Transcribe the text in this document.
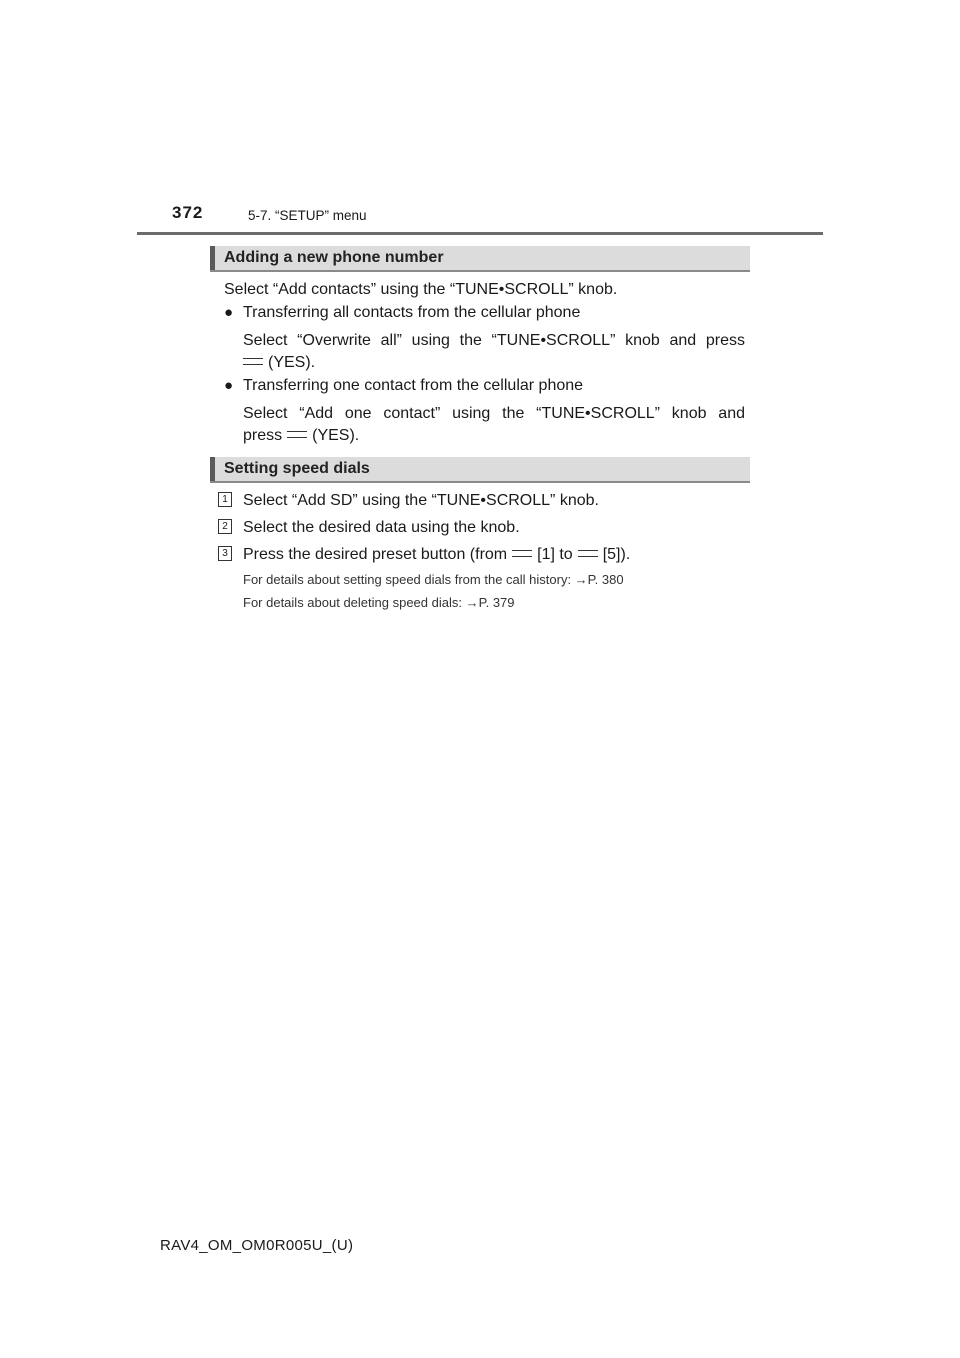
372	5-7. “SETUP” menu
Adding a new phone number
Select “Add contacts” using the “TUNE•SCROLL” knob.
● Transferring all contacts from the cellular phone
Select “Overwrite all” using the “TUNE•SCROLL” knob and press
(YES).
● Transferring one contact from the cellular phone
Select “Add one contact” using the “TUNE•SCROLL” knob and
press (YES).
Setting speed dials
1 Select “Add SD” using the “TUNE•SCROLL” knob.
2 Select the desired data using the knob.
3 Press the desired preset button (from [1] to [5]).
For details about setting speed dials from the call history: →P. 380
For details about deleting speed dials: →P. 379
RAV4_OM_OM0R005U_(U)
